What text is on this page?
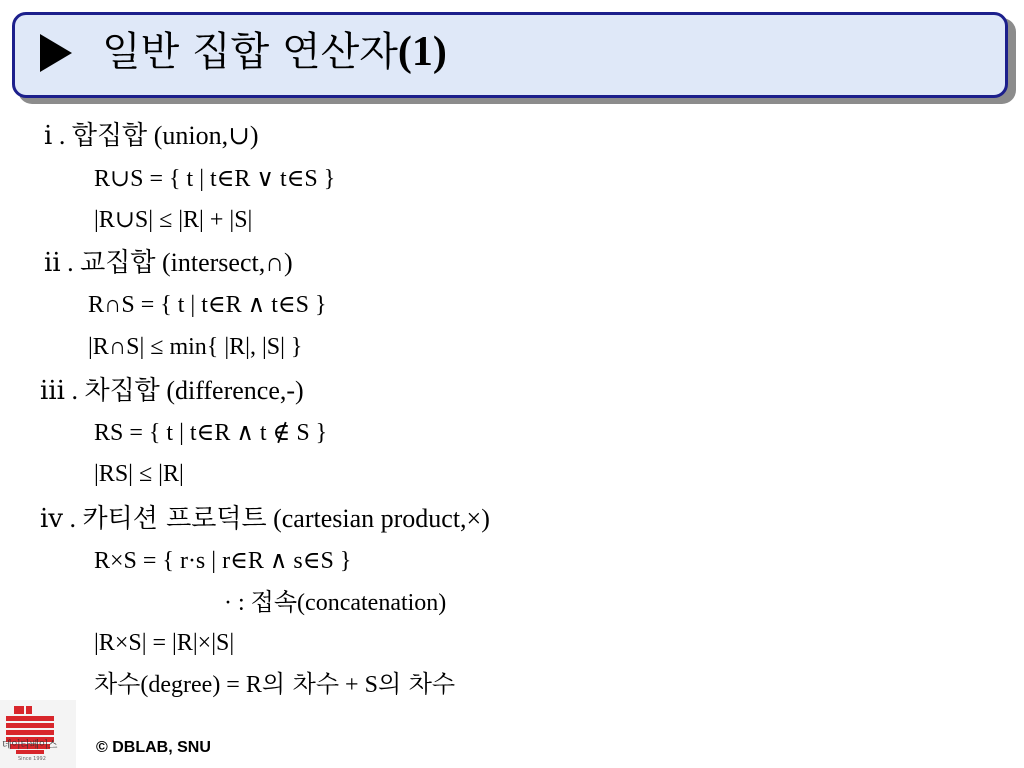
일반 집합 연산자(1)
ⅰ . 합집합 (union,∪)
R∪S = { t | t∈R ∨ t∈S }
|R∪S| ≤ |R| + |S|
ⅱ . 교집합 (intersect,∩)
R∩S = { t | t∈R ∧ t∈S }
|R∩S| ≤ min{ |R|, |S| }
ⅲ . 차집합 (difference,-)
RS = { t | t∈R ∧ t ∉ S }
|RS| ≤ |R|
ⅳ . 카티션 프로덕트 (cartesian product,×)
R×S = { r·s | r∈R ∧ s∈S }
· : 접속(concatenation)
|R×S| = |R|×|S|
차수(degree) = R의 차수 + S의 차수
데이타베이스
Since 1992
© DBLAB, SNU
